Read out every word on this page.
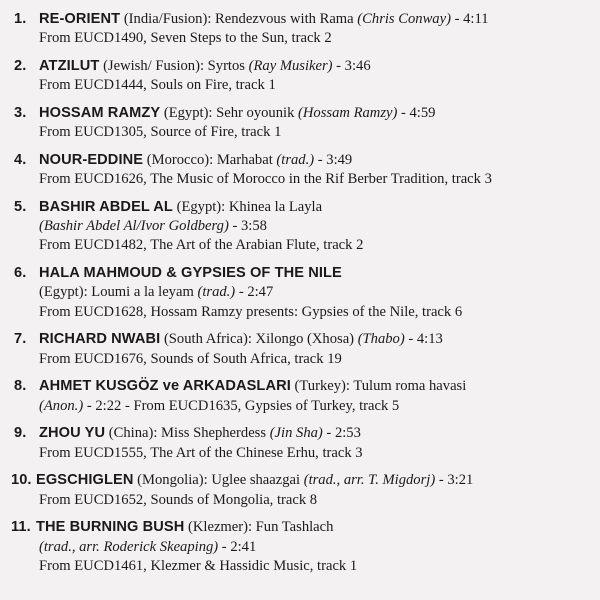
1. RE-ORIENT (India/Fusion): Rendezvous with Rama (Chris Conway) - 4:11
From EUCD1490, Seven Steps to the Sun, track 2
2. ATZILUT (Jewish/ Fusion): Syrtos (Ray Musiker) - 3:46
From EUCD1444, Souls on Fire, track 1
3. HOSSAM RAMZY (Egypt): Sehr oyounik (Hossam Ramzy) - 4:59
From EUCD1305, Source of Fire, track 1
4. NOUR-EDDINE (Morocco): Marhabat (trad.) - 3:49
From EUCD1626, The Music of Morocco in the Rif Berber Tradition, track 3
5. BASHIR ABDEL AL (Egypt): Khinea la Layla
(Bashir Abdel Al/Ivor Goldberg) - 3:58
From EUCD1482, The Art of the Arabian Flute, track 2
6. HALA MAHMOUD & GYPSIES OF THE NILE
(Egypt): Loumi a la leyam (trad.) - 2:47
From EUCD1628, Hossam Ramzy presents: Gypsies of the Nile, track 6
7. RICHARD NWABI (South Africa): Xilongo (Xhosa) (Thabo) - 4:13
From EUCD1676, Sounds of South Africa, track 19
8. AHMET KUSGÖZ ve ARKADASLARI (Turkey): Tulum roma havasi
(Anon.) - 2:22 - From EUCD1635, Gypsies of Turkey, track 5
9. ZHOU YU (China): Miss Shepherdess (Jin Sha) - 2:53
From EUCD1555, The Art of the Chinese Erhu, track 3
10. EGSCHIGLEN (Mongolia): Uglee shaazgai (trad., arr. T. Migdorj) - 3:21
From EUCD1652, Sounds of Mongolia, track 8
11. THE BURNING BUSH (Klezmer): Fun Tashlach
(trad., arr. Roderick Skeaping) - 2:41
From EUCD1461, Klezmer & Hassidic Music, track 1
